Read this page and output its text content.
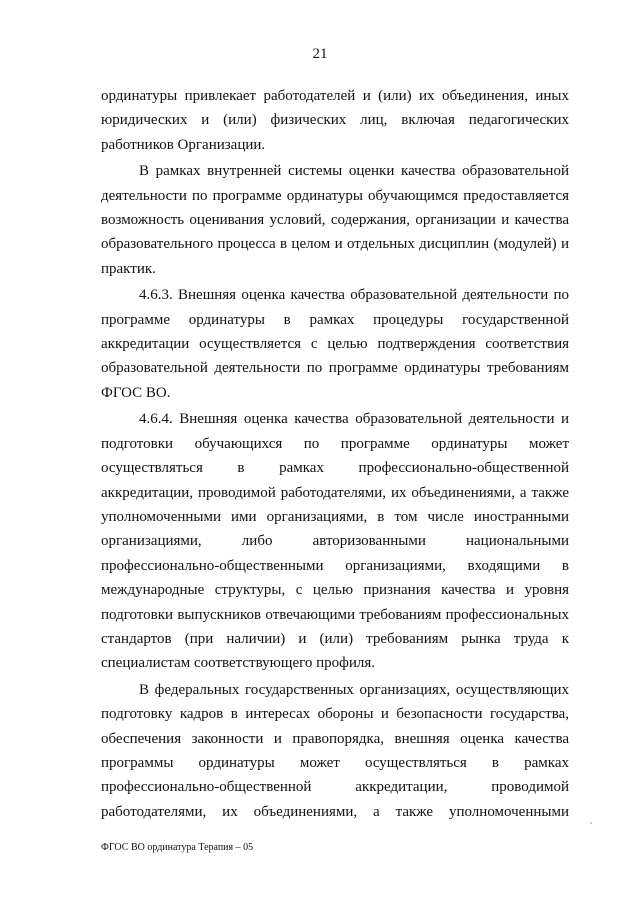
21

ординатуры привлекает работодателей и (или) их объединения, иных юридических и (или) физических лиц, включая педагогических работников Организации.

В рамках внутренней системы оценки качества образовательной деятельности по программе ординатуры обучающимся предоставляется возможность оценивания условий, содержания, организации и качества образовательного процесса в целом и отдельных дисциплин (модулей) и практик.

4.6.3. Внешняя оценка качества образовательной деятельности по программе ординатуры в рамках процедуры государственной аккредитации осуществляется с целью подтверждения соответствия образовательной деятельности по программе ординатуры требованиям ФГОС ВО.

4.6.4. Внешняя оценка качества образовательной деятельности и подготовки обучающихся по программе ординатуры может осуществляться в рамках профессионально-общественной аккредитации, проводимой работодателями, их объединениями, а также уполномоченными ими организациями, в том числе иностранными организациями, либо авторизованными национальными профессионально-общественными организациями, входящими в международные структуры, с целью признания качества и уровня подготовки выпускников отвечающими требованиям профессиональных стандартов (при наличии) и (или) требованиям рынка труда к специалистам соответствующего профиля.

В федеральных государственных организациях, осуществляющих подготовку кадров в интересах обороны и безопасности государства, обеспечения законности и правопорядка, внешняя оценка качества программы ординатуры может осуществляться в рамках профессионально-общественной аккредитации, проводимой работодателями, их объединениями, а также уполномоченными

ФГОС ВО ординатура Терапия – 05
